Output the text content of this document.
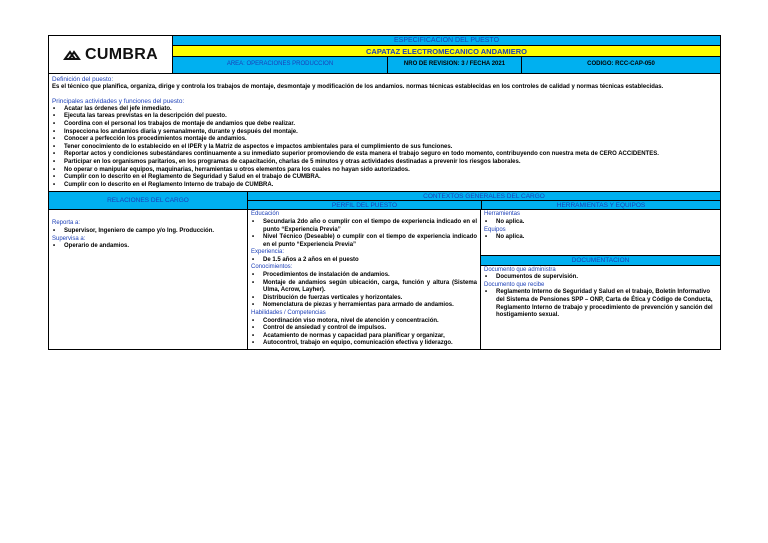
CUMBRA
ESPECIFICACION DEL PUESTO
CAPATAZ ELECTROMECANICO ANDAMIERO
AREA: OPERACIONES PRODUCCION	NRO DE REVISION: 3 / FECHA 2021	CODIGO: RCC-CAP-050
Definición del puesto:
Es el técnico que planifica, organiza, dirige y controla los trabajos de montaje, desmontaje y modificación de los andamios. normas técnicas establecidas en los controles de calidad y normas técnicas establecidas.
Principales actividades y funciones del puesto:
• Acatar las órdenes del jefe inmediato.
• Ejecuta las tareas previstas en la descripción del puesto.
• Coordina con el personal los trabajos de montaje de andamios que debe realizar.
• Inspecciona los andamios diaria y semanalmente, durante y después del montaje.
• Conocer a perfección los procedimientos montaje de andamios.
• Tener conocimiento de lo establecido en el IPER y la Matriz de aspectos e impactos ambientales para el cumplimiento de sus funciones.
• Reportar actos y condiciones subestándares continuamente a su inmediato superior promoviendo de esta manera el trabajo seguro en todo momento, contribuyendo con nuestra meta de CERO ACCIDENTES.
• Participar en los organismos paritarios, en los programas de capacitación, charlas de 5 minutos y otras actividades destinadas a prevenir los riesgos laborales.
• No operar o manipular equipos, maquinarias, herramientas u otros elementos para los cuales no hayan sido autorizados.
• Cumplir con lo descrito en el Reglamento de Seguridad y Salud en el trabajo de CUMBRA.
• Cumplir con lo descrito en el Reglamento Interno de trabajo de CUMBRA.
RELACIONES DEL CARGO
Reporta a:
• Supervisor, Ingeniero de campo y/o Ing. Producción.
Supervisa a:
• Operario de andamios.
CONTEXTOS GENERALES DEL CARGO
PERFIL DEL PUESTO	HERRAMIENTAS Y EQUIPOS
Educación
• Secundaria 2do año o cumplir con el tiempo de experiencia indicado en el punto “Experiencia Previa”
• Nivel Técnico (Deseable) o cumplir con el tiempo de experiencia indicado en el punto “Experiencia Previa”
Experiencia:
• De 1.5 años a 2 años en el puesto
Conocimientos:
• Procedimientos de instalación de andamios.
• Montaje de andamios según ubicación, carga, función y altura (Sistema Ulma, Acrow, Layher).
• Distribución de fuerzas verticales y horizontales.
• Nomenclatura de piezas y herramientas para armado de andamios.
Habilidades / Competencias
• Coordinación viso motora, nivel de atención y concentración.
• Control de ansiedad y control de impulsos.
• Acatamiento de normas y capacidad para planificar y organizar,
• Autocontrol, trabajo en equipo, comunicación efectiva y liderazgo.
Herramientas
• No aplica.
Equipos
• No aplica.
DOCUMENTACION
Documento que administra
• Documentos de supervisión.
Documento que recibe
• Reglamento Interno de Seguridad y Salud en el trabajo, Boletín Informativo del Sistema de Pensiones SPP – ONP, Carta de Ética y Código de Conducta, Reglamento Interno de trabajo y procedimiento de prevención y sanción del hostigamiento sexual.
